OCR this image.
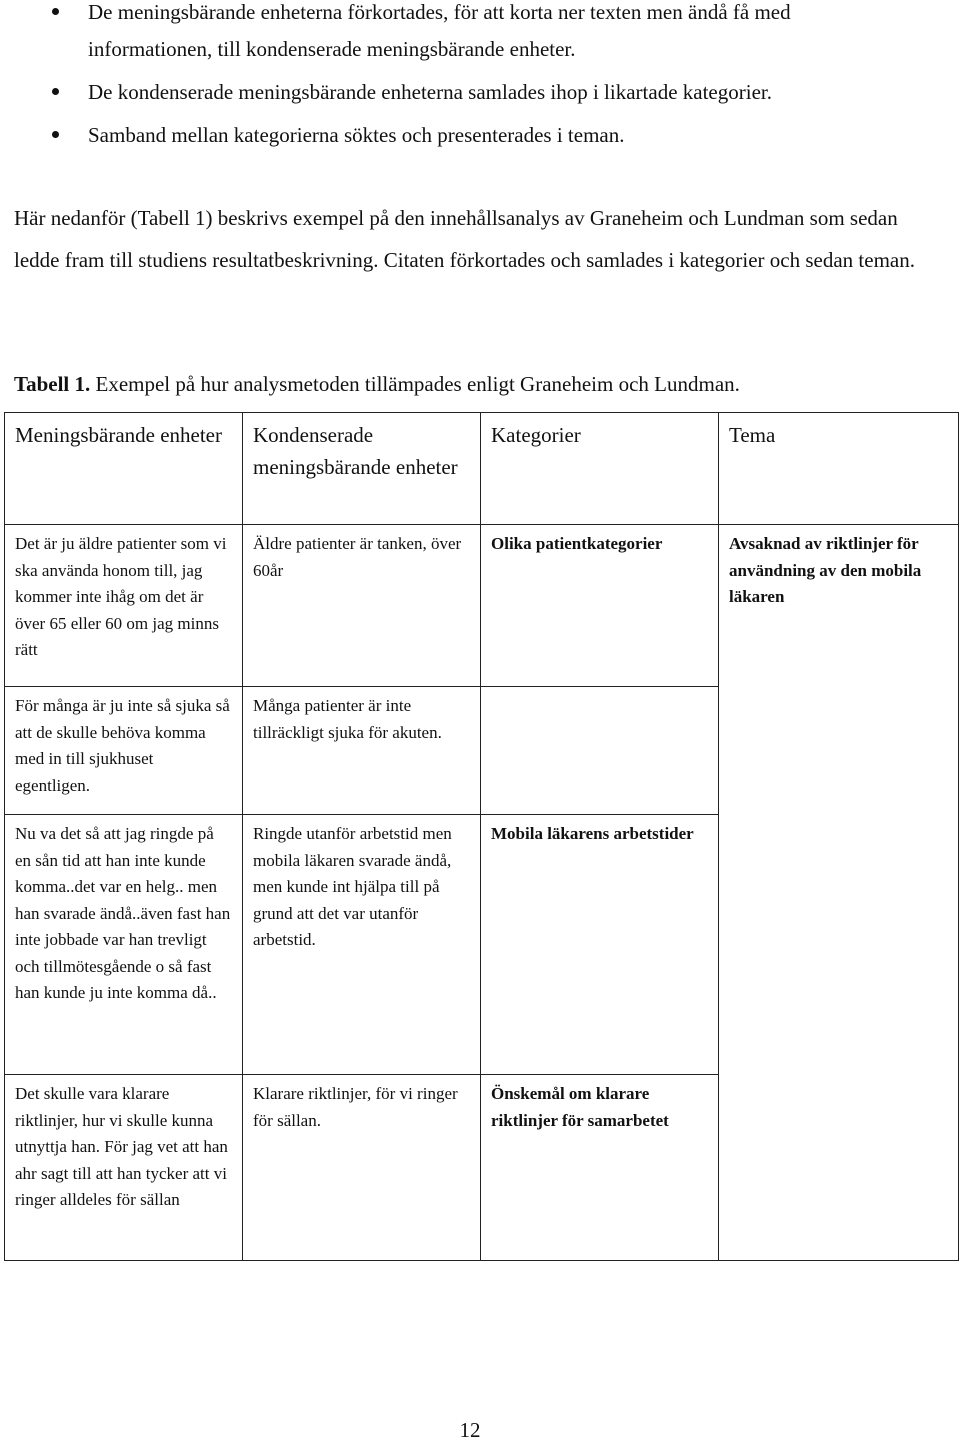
De meningsbärande enheterna förkortades, för att korta ner texten men ändå få med
informationen, till kondenserade meningsbärande enheter.
De kondenserade meningsbärande enheterna samlades ihop i likartade kategorier.
Samband mellan kategorierna söktes och presenterades i teman.

Här nedanför (Tabell 1) beskrivs exempel på den innehållsanalys av Graneheim och Lundman som sedan ledde fram till studiens resultatbeskrivning. Citaten förkortades och samlades i kategorier och sedan teman.

Tabell 1. Exempel på hur analysmetoden tillämpades enligt Graneheim och Lundman.

Meningsbärande enheter	Kondenserade meningsbärande enheter	Kategorier	Tema
Det är ju äldre patienter som vi ska använda honom till, jag kommer inte ihåg om det är över 65 eller 60 om jag minns rätt	Äldre patienter är tanken, över 60år	Olika patientkategorier	Avsaknad av riktlinjer för användning av den mobila läkaren
För många är ju inte så sjuka så att de skulle behöva komma med in till sjukhuset egentligen.	Många patienter är inte tillräckligt sjuka för akuten.		
Nu va det så att jag ringde på en sån tid att han inte kunde komma..det var en helg.. men han svarade ändå..även fast han inte jobbade var han trevligt och tillmötesgående o så fast han kunde ju inte komma då..	Ringde utanför arbetstid men mobila läkaren svarade ändå, men kunde int hjälpa till på grund att det var utanför arbetstid.	Mobila läkarens arbetstider	
Det skulle vara klarare riktlinjer, hur vi skulle kunna utnyttja han. För jag vet att han ahr sagt till att han tycker att vi ringer alldeles för sällan	Klarare riktlinjer, för vi ringer för sällan.	Önskemål om klarare riktlinjer för samarbetet	
12
